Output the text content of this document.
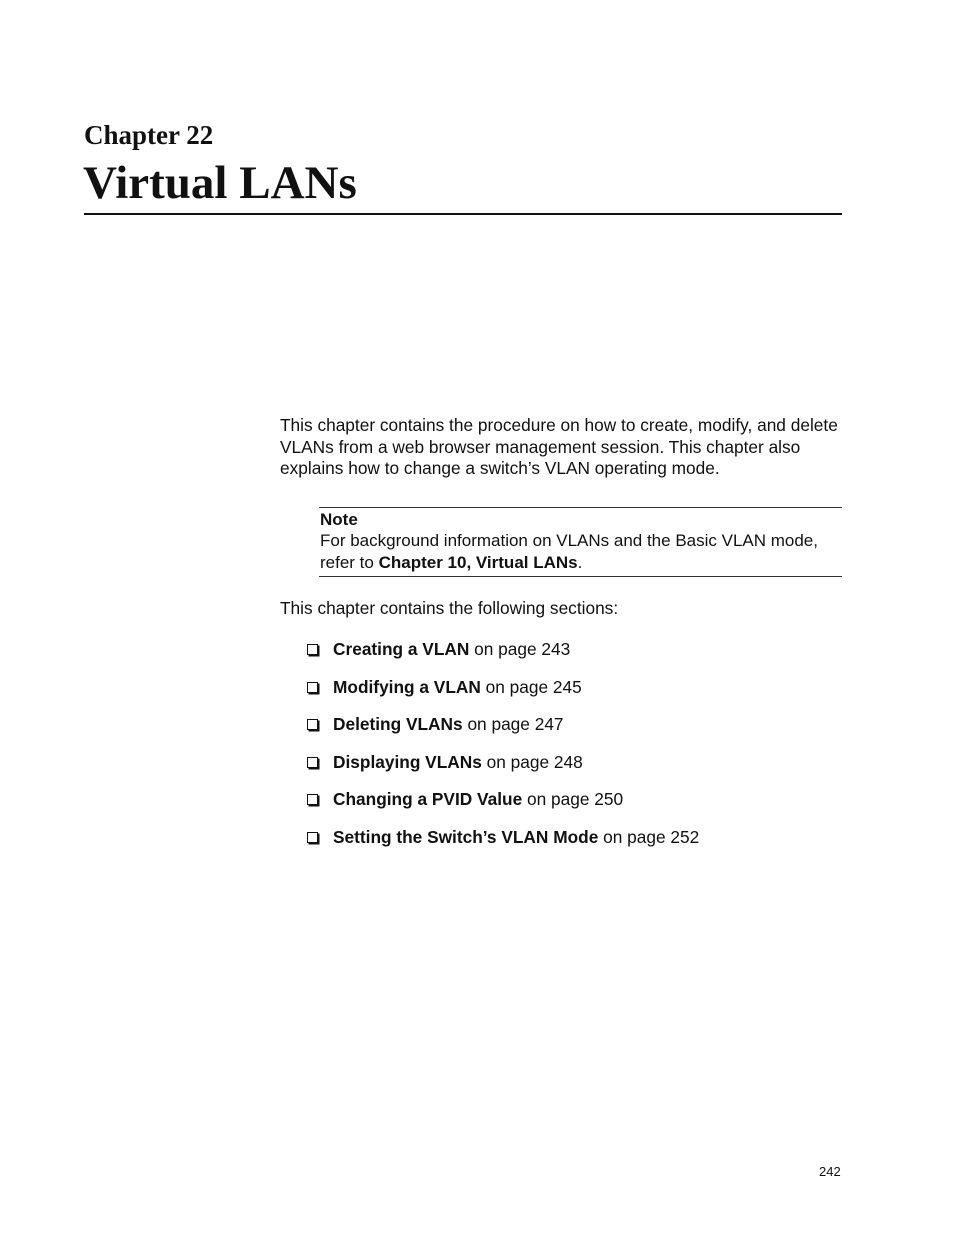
Chapter 22
Virtual LANs

This chapter contains the procedure on how to create, modify, and delete VLANs from a web browser management session. This chapter also explains how to change a switch’s VLAN operating mode.

Note
For background information on VLANs and the Basic VLAN mode, refer to Chapter 10, Virtual LANs.

This chapter contains the following sections:

Creating a VLAN on page 243
Modifying a VLAN on page 245
Deleting VLANs on page 247
Displaying VLANs on page 248
Changing a PVID Value on page 250
Setting the Switch’s VLAN Mode on page 252
242
